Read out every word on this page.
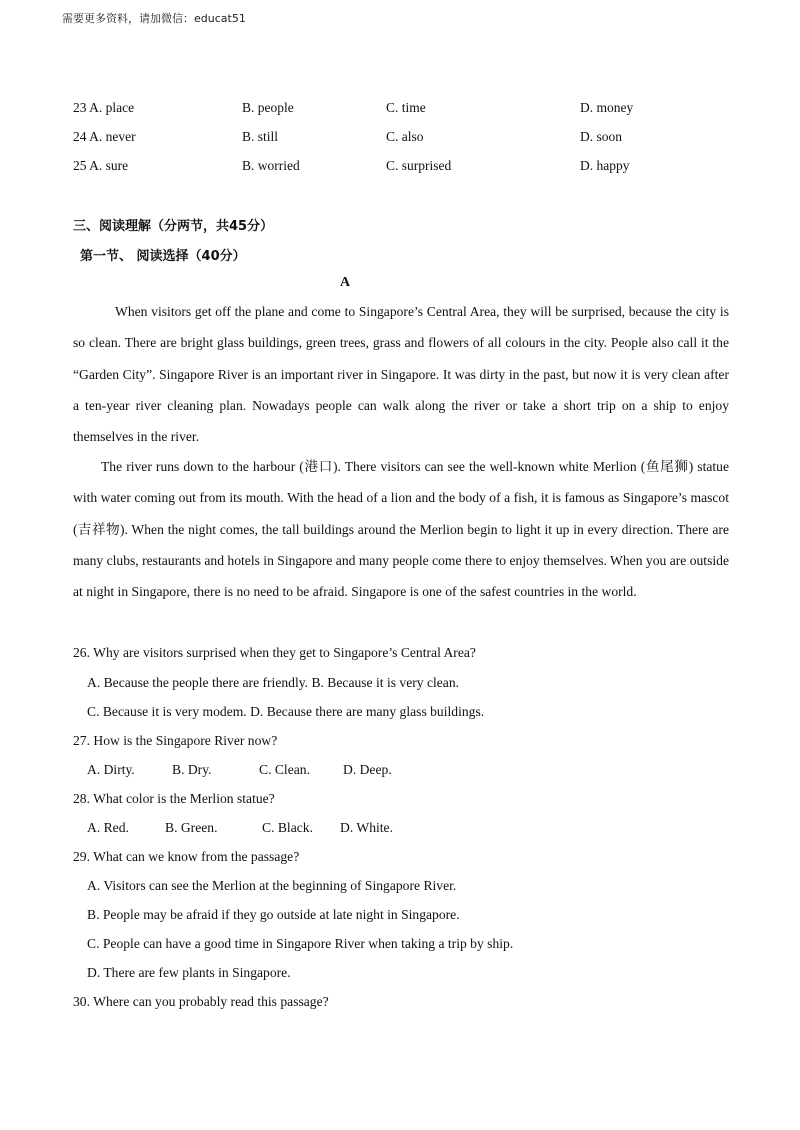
需要更多资料，请加微信：educat51
23 A. place	B. people	C. time	D. money
24 A. never	B. still	C. also	D. soon
25 A. sure	B. worried	C. surprised	D. happy
三、阅读理解（分两节，共45分）
第一节、 阅读选择（40分）
A
When visitors get off the plane and come to Singapore’s Central Area, they will be surprised, because the city is so clean. There are bright glass buildings, green trees, grass and flowers of all colours in the city. People also call it the “Garden City”. Singapore River is an important river in Singapore. It was dirty in the past, but now it is very clean after a ten-year river cleaning plan. Nowadays people can walk along the river or take a short trip on a ship to enjoy themselves in the river.
The river runs down to the harbour (港口). There visitors can see the well-known white Merlion (鱼尾狮) statue with water coming out from its mouth. With the head of a lion and the body of a fish, it is famous as Singapore’s mascot (吉祥物). When the night comes, the tall buildings around the Merlion begin to light it up in every direction. There are many clubs, restaurants and hotels in Singapore and many people come there to enjoy themselves. When you are outside at night in Singapore, there is no need to be afraid. Singapore is one of the safest countries in the world.
26. Why are visitors surprised when they get to Singapore’s Central Area?
A. Because the people there are friendly. B. Because it is very clean.
C. Because it is very modem. D. Because there are many glass buildings.
27. How is the Singapore River now?
A. Dirty.	B. Dry.	C. Clean. D. Deep.
28. What color is the Merlion statue?
A. Red.	B. Green.	C. Black. D. White.
29. What can we know from the passage?
A. Visitors can see the Merlion at the beginning of Singapore River.
B. People may be afraid if they go outside at late night in Singapore.
C. People can have a good time in Singapore River when taking a trip by ship.
D. There are few plants in Singapore.
30. Where can you probably read this passage?
